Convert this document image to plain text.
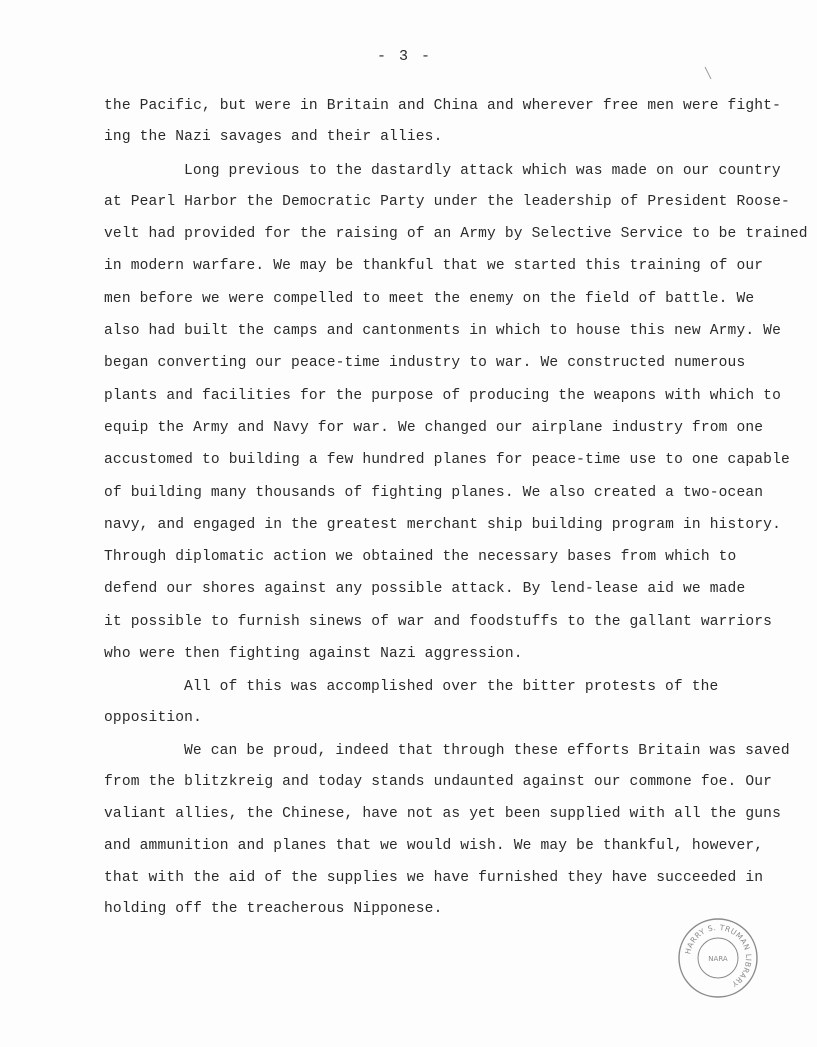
- 3 -
the Pacific, but were in Britain and China and wherever free men were fight-
ing the Nazi savages and their allies.
Long previous to the dastardly attack which was made on our country
at Pearl Harbor the Democratic Party under the leadership of President Roose-
velt had provided for the raising of an Army by Selective Service to be trained
in modern warfare. We may be thankful that we started this training of our
men before we were compelled to meet the enemy on the field of battle. We
also had built the camps and cantonments in which to house this new Army. We
began converting our peace-time industry to war. We constructed numerous
plants and facilities for the purpose of producing the weapons with which to
equip the Army and Navy for war. We changed our airplane industry from one
accustomed to building a few hundred planes for peace-time use to one capable
of building many thousands of fighting planes. We also created a two-ocean
navy, and engaged in the greatest merchant ship building program in history.
Through diplomatic action we obtained the necessary bases from which to
defend our shores against any possible attack. By lend-lease aid we made
it possible to furnish sinews of war and foodstuffs to the gallant warriors
who were then fighting against Nazi aggression.
All of this was accomplished over the bitter protests of the
opposition.
We can be proud, indeed that through these efforts Britain was saved
from the blitzkreig and today stands undaunted against our commone foe. Our
valiant allies, the Chinese, have not as yet been supplied with all the guns
and ammunition and planes that we would wish. We may be thankful, however,
that with the aid of the supplies we have furnished they have succeeded in
holding off the treacherous Nipponese.
HARRY S. TRUMAN LIBRARY
NARA
